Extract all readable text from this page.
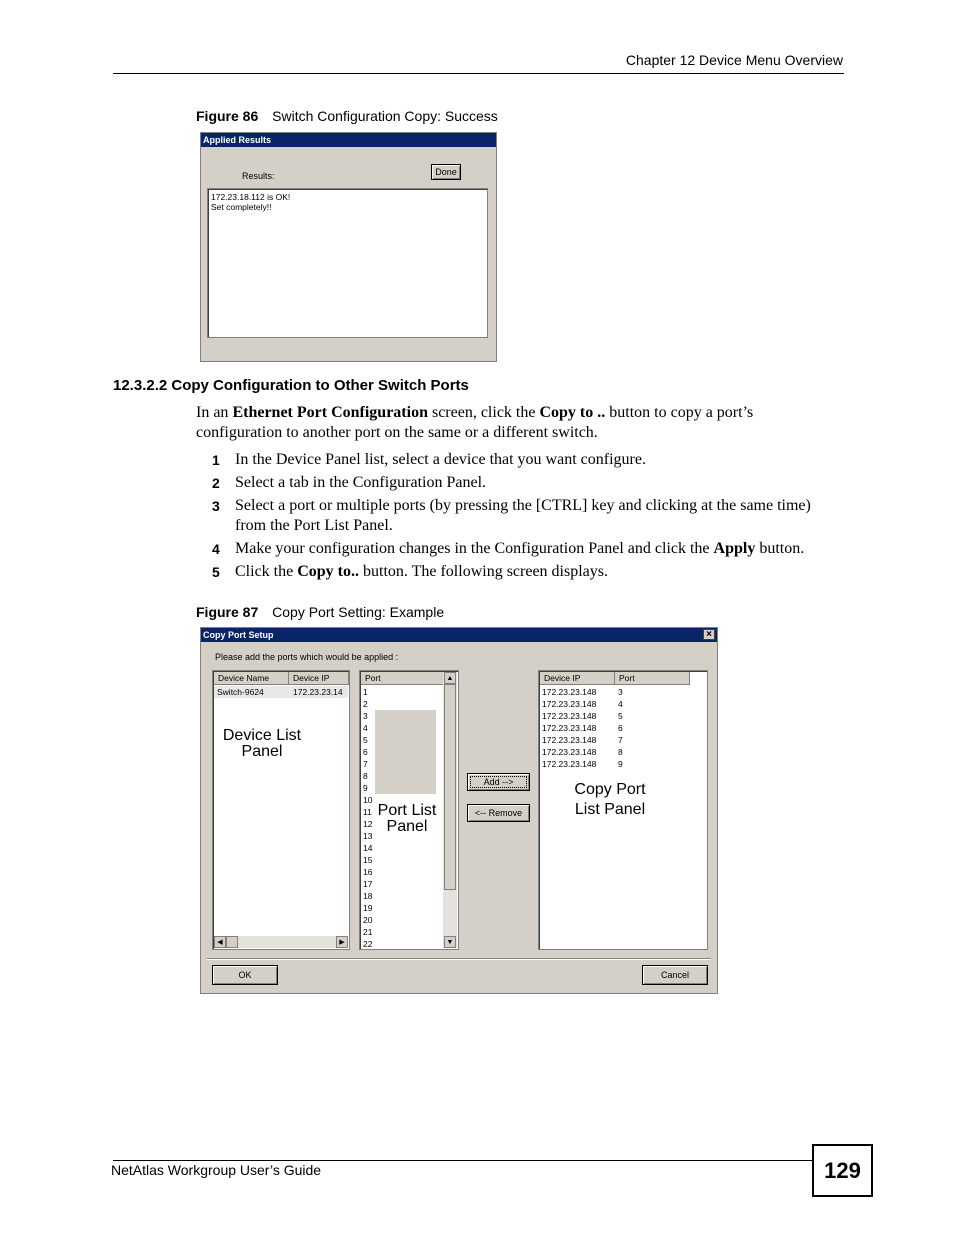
Chapter 12 Device Menu Overview
Figure 86 Switch Configuration Copy: Success
Applied Results
Results:	Done
172.23.18.112 is OK!
Set completely!!
12.3.2.2 Copy Configuration to Other Switch Ports
In an Ethernet Port Configuration screen, click the Copy to .. button to copy a port’s configuration to another port on the same or a different switch.
1 In the Device Panel list, select a device that you want configure.
2 Select a tab in the Configuration Panel.
3 Select a port or multiple ports (by pressing the [CTRL] key and clicking at the same time) from the Port List Panel.
4 Make your configuration changes in the Configuration Panel and click the Apply button.
5 Click the Copy to.. button. The following screen displays.
Figure 87 Copy Port Setting: Example
Copy Port Setup	×
Please add the ports which would be applied :
Device Name	Device IP
Switch-9624	172.23.23.14
Device List
Panel
◀	▶
Port
1
2
3
4
5
6
7
8
9
10
11
12
13
14
15
16
17
18
19
20
21
22
Port List
Panel
▲
▼
Add -->
<-- Remove
Device IP	Port
172.23.23.148	3
172.23.23.148	4
172.23.23.148	5
172.23.23.148	6
172.23.23.148	7
172.23.23.148	8
172.23.23.148	9
Copy Port
List Panel
OK	Cancel
NetAtlas Workgroup User’s Guide	129
